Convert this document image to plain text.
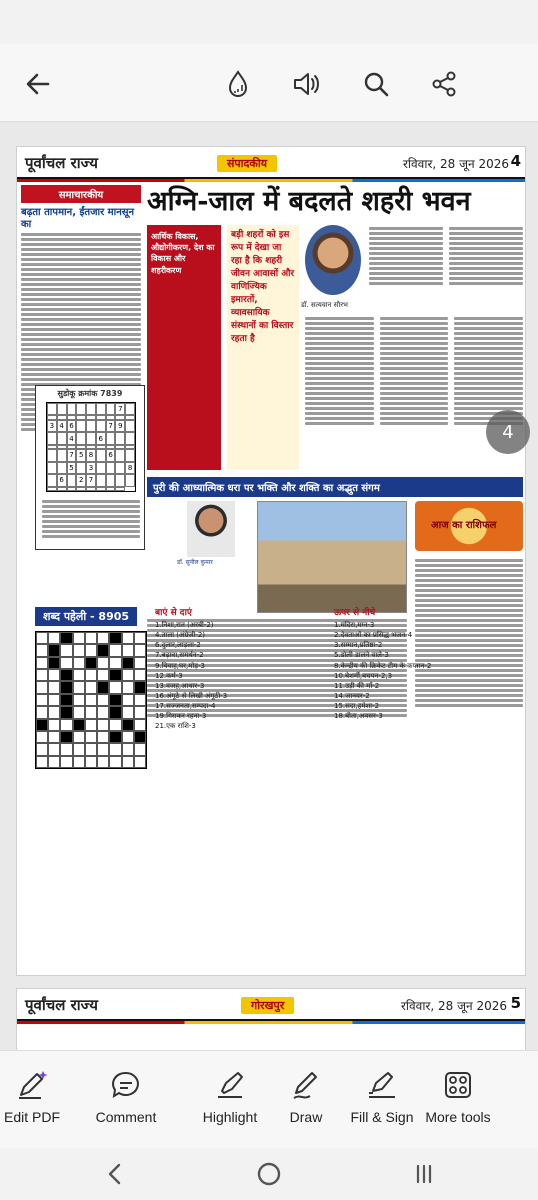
पूर्वांचल राज्य	संपादकीय	रविवार, 28 जून 2026 4
समाचारकीय
बढ़ता तापमान, ईंतजार मानसून का
अग्नि-जाल में बदलते शहरी भवन
आर्थिक विकास, औद्योगीकरण, देश का विकास और शहरीकरण
बड़ी शहरों को इस रूप में देखा जा रहा है कि शहरी जीवन आवासों और वाणिज्यिक इमारतों, व्यावसायिक संस्थानों का विस्तार रहता है
डॉ. सत्यवान सौरभ
पुरी की आध्यात्मिक धरा पर भक्ति और शक्ति का अद्भुत संगम
डॉ. सुनील कुमार
आज का राशिफल
सुडोकू क्रमांक 7839
7
3 4 6	7 9
4	6
7 5 8	6
5	3	8
6	2 7
शब्द पहेली - 8905	बाएं से दाएं
1.निशा,रात (अरबी-2)
4.ताला (अंग्रेजी-2)
6.दुलार,लाड़ला-2
7.बढ़ावा,समर्थन-2
9.विवाह,घर,मोड़-3
12.कर्म-3
13.वजह,आधार-3
16.अंगूठे से लिखी अंगूठी-3
17.सज्जनता,सम्पदा-4
19.गिराकर रहना-3
21.एक राशि-3
ऊपर से नीचे
1.मंदिरा,मग्न-3
2.देवताओं का प्रसिद्ध भजन-4
3.सम्मान,प्रतिष्ठा-2
5.डोली डालने वाले-3
8.केन्द्रीय की क्रिकेट टीम के कप्तान-2
10.बेशर्मी,बचपन-2,3
11.उड़ी की माँ-2
14.जानवर-2
15.सदा,हमेशा-2
18.बीता,अवसर-3
पूर्वांचल राज्य	गोरखपुर	रविवार, 28 जून 2026 5
4
Edit PDF	Comment	Highlight	Draw	Fill & Sign More tools
